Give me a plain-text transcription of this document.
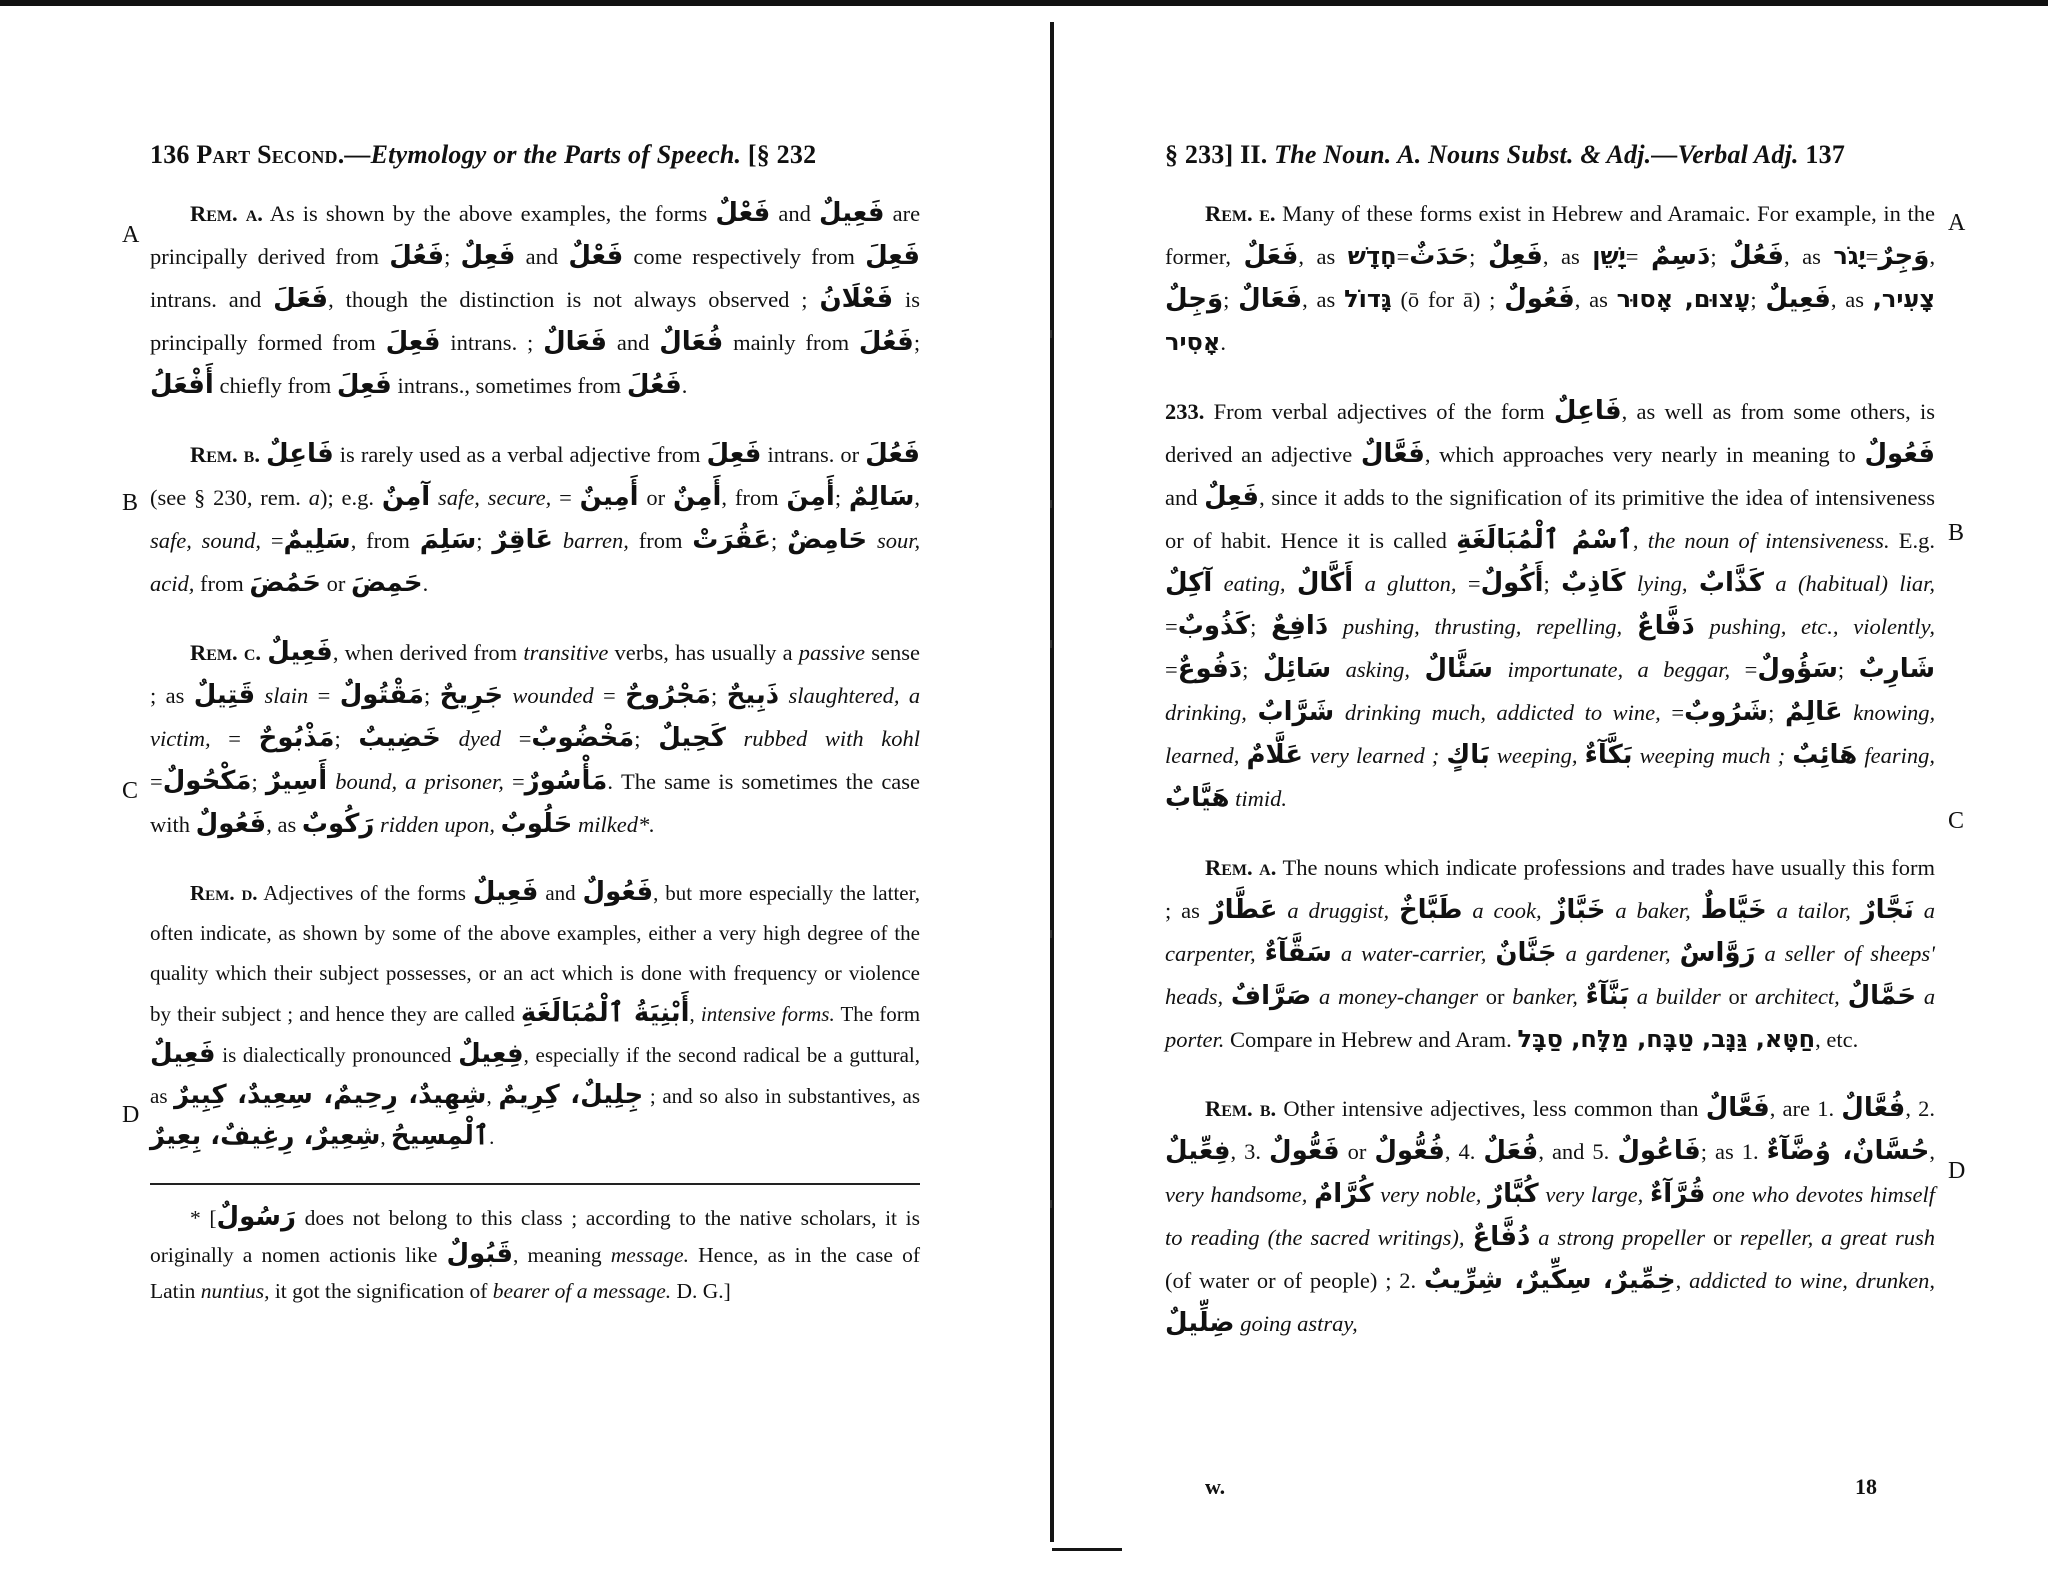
A
B
C
D
A
B
C
D
136 Part Second.—Etymology or the Parts of Speech. [§ 232

Rem. a. As is shown by the above examples, the forms فَعْلٌ and فَعِيلٌ are principally derived from فَعُلَ; فَعِلٌ and فَعْلٌ come respectively from فَعِلَ intrans. and فَعَلَ, though the distinction is not always observed ; فَعْلَانُ is principally formed from فَعِلَ intrans. ; فَعَالٌ and فُعَالٌ mainly from فَعُلَ; أَفْعَلُ chiefly from فَعِلَ intrans., sometimes from فَعُلَ.

Rem. b. فَاعِلٌ is rarely used as a verbal adjective from فَعِلَ intrans. or فَعُلَ (see § 230, rem. a); e.g. آمِنٌ safe, secure, = أَمِينٌ or أَمِنٌ, from أَمِنَ; سَالِمٌ, safe, sound, =سَلِيمٌ, from سَلِمَ; عَاقِرٌ barren, from عَقُرَتْ; حَامِضٌ sour, acid, from حَمُضَ or حَمِضَ.

Rem. c. فَعِيلٌ, when derived from transitive verbs, has usually a passive sense ; as قَتِيلٌ slain = مَقْتُولٌ; جَرِيحٌ wounded = مَجْرُوحٌ; ذَبِيحٌ slaughtered, a victim, = مَذْبُوحٌ; خَضِيبٌ dyed =مَخْضُوبٌ; كَحِيلٌ rubbed with kohl =مَكْحُولٌ; أَسِيرٌ bound, a prisoner, =مَأْسُورٌ. The same is sometimes the case with فَعُولٌ, as رَكُوبٌ ridden upon, حَلُوبٌ milked*.

Rem. d. Adjectives of the forms فَعِيلٌ and فَعُولٌ, but more especially the latter, often indicate, as shown by some of the above examples, either a very high degree of the quality which their subject possesses, or an act which is done with frequency or violence by their subject ; and hence they are called أَبْنِيَةُ ٱلْمُبَالَغَةِ, intensive forms. The form فَعِيلٌ is dialectically pronounced فِعِيلٌ, especially if the second radical be a guttural, as شِهِيدٌ، رِحِيمٌ، سِعِيدٌ، كِبِيرٌ, جِلِيلٌ، كِرِيمٌ ; and so also in substantives, as شِعِيرٌ، رِغِيفٌ، بِعِيرٌ, ٱلْمِسِيحُ.

* [رَسُولٌ does not belong to this class ; according to the native scholars, it is originally a nomen actionis like قَبُولٌ, meaning message. Hence, as in the case of Latin nuntius, it got the signification of bearer of a message. D. G.]

§ 233] II. The Noun. A. Nouns Subst. & Adj.—Verbal Adj. 137

Rem. e. Many of these forms exist in Hebrew and Aramaic. For example, in the former, فَعَلٌ, as חָדָשׁ=حَدَثٌ; فَعِلٌ, as יָשֵׁן= دَسِمٌ; فَعُلٌ, as יָגֹר=وَجِرٌ, وَجِلٌ; فَعَالٌ, as גָּדוֹל (ō for ā) ; فَعُولٌ, as עָצוּם, אָסוּר; فَعِيلٌ, as צָעִיר, אָסִיר.

233. From verbal adjectives of the form فَاعِلٌ, as well as from some others, is derived an adjective فَعَّالٌ, which approaches very nearly in meaning to فَعُولٌ and فَعِلٌ, since it adds to the signification of its primitive the idea of intensiveness or of habit. Hence it is called ٱسْمُ ٱلْمُبَالَغَةِ, the noun of intensiveness. E.g. آكِلٌ eating, أَكَّالٌ a glutton, =أَكُولٌ; كَاذِبٌ lying, كَذَّابٌ a (habitual) liar, =كَذُوبٌ; دَافِعٌ pushing, thrusting, repelling, دَفَّاعٌ pushing, etc., violently, =دَفُوعٌ; سَائِلٌ asking, سَئَّالٌ importunate, a beggar, =سَؤُولٌ; شَارِبٌ drinking, شَرَّابٌ drinking much, addicted to wine, =شَرُوبٌ; عَالِمٌ knowing, learned, عَلَّامٌ very learned ; بَاكٍ weeping, بَكَّآءٌ weeping much ; هَائِبٌ fearing, هَيَّابٌ timid.

Rem. a. The nouns which indicate professions and trades have usually this form ; as عَطَّارٌ a druggist, طَبَّاخٌ a cook, خَبَّازٌ a baker, خَيَّاطٌ a tailor, نَجَّارٌ a carpenter, سَقَّآءٌ a water-carrier, جَنَّانٌ a gardener, رَوَّاسٌ a seller of sheeps' heads, صَرَّافٌ a money-changer or banker, بَنَّآءٌ a builder or architect, حَمَّالٌ a porter. Compare in Hebrew and Aram. חַטָּא, גַּנָּב, טַבָּח, מַלָּח, סַבָּל, etc.

Rem. b. Other intensive adjectives, less common than فَعَّالٌ, are 1. فُعَّالٌ, 2. فِعِّيلٌ, 3. فَعُّولٌ or فُعُّولٌ, 4. فُعَلٌ, and 5. فَاعُولٌ; as 1. حُسَّانٌ، وُضَّآءٌ, very handsome, كُرَّامٌ very noble, كُبَّارٌ very large, قُرَّآءٌ one who devotes himself to reading (the sacred writings), دُفَّاعٌ a strong propeller or repeller, a great rush (of water or of people) ; 2. خِمِّيرٌ، سِكِّيرٌ، شِرِّيبٌ, addicted to wine, drunken, ضِلِّيلٌ going astray,

w.	18
